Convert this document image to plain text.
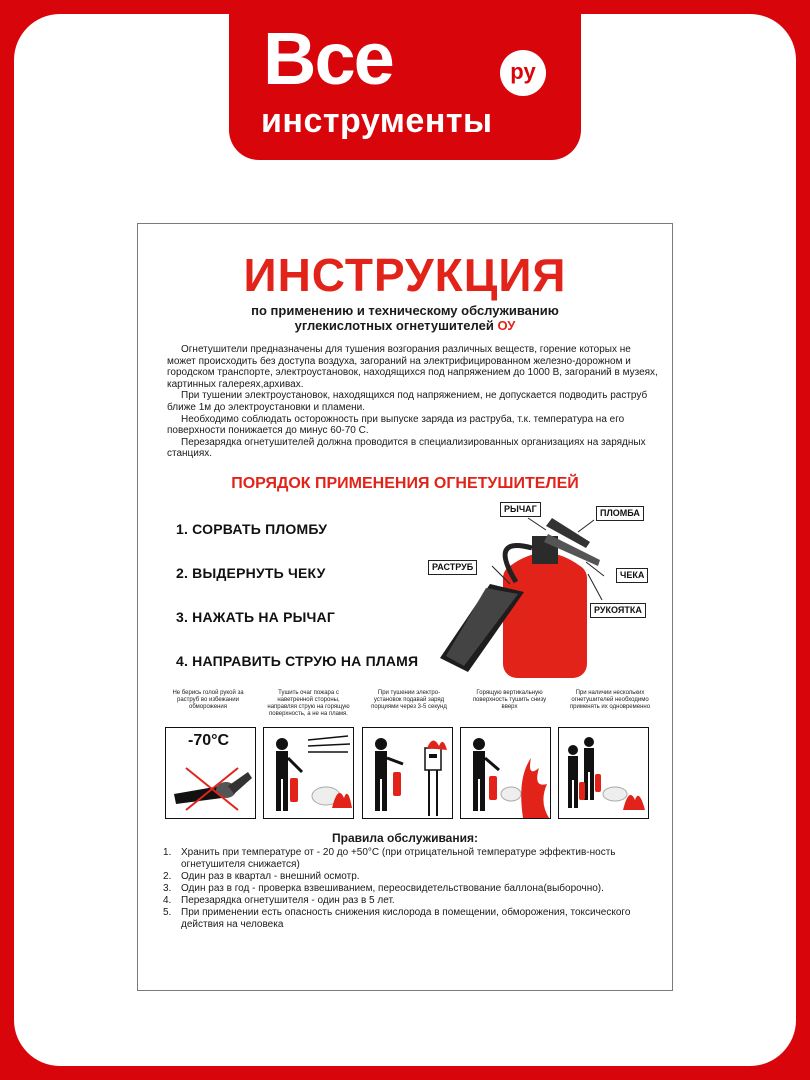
Все
инструменты
ру
ИНСТРУКЦИЯ
по применению и техническому обслуживанию
углекислотных огнетушителей ОУ

Огнетушители предназначены для тушения возгорания различных веществ, горение которых не может происходить без доступа воздуха, загораний на электрифицированном железно-дорожном и городском транспорте, электроустановок, находящихся под напряжением до 1000 В, загораний в музеях, картинных галереях,архивах.

При тушении электроустановок, находящихся под напряжением, не допускается подводить раструб ближе 1м до электроустановки и пламени.

Необходимо соблюдать осторожность при выпуске заряда из раструба, т.к. температура на его поверхности понижается до минус 60-70 С.

Перезарядка огнетушителей должна проводится в специализированных организациях на зарядных станциях.

ПОРЯДОК ПРИМЕНЕНИЯ ОГНЕТУШИТЕЛЕЙ
1. СОРВАТЬ ПЛОМБУ
2. ВЫДЕРНУТЬ ЧЕКУ
3. НАЖАТЬ НА РЫЧАГ
4. НАПРАВИТЬ СТРУЮ НА ПЛАМЯ
РЫЧАГ	ПЛОМБА
РАСТРУБ
ЧЕКА
РУКОЯТКА
Не берись голой рукой за раструб во избежании обморожения
Тушить очаг пожара с наветренной стороны, направляя струю на горящую поверхность, а не на пламя.
При тушении электро-установок подавай заряд порциями через 3-5 секунд
Горящую вертикальную поверхность тушить снизу вверх
При наличии нескольких огнетушителей необходимо применять их одновременно
-70°С
Правила обслуживания:
1. Хранить при температуре от - 20 до +50°С (при отрицательной температуре эффектив-ность огнетушителя снижается)
2. Один раз в квартал - внешний осмотр.
3. Один раз в год - проверка взвешиванием, переосвидетельствование баллона(выборочно).
4. Перезарядка огнетушителя - один раз в 5 лет.
5. При применении есть опасность снижения кислорода в помещении, обморожения, токсического действия на человека
